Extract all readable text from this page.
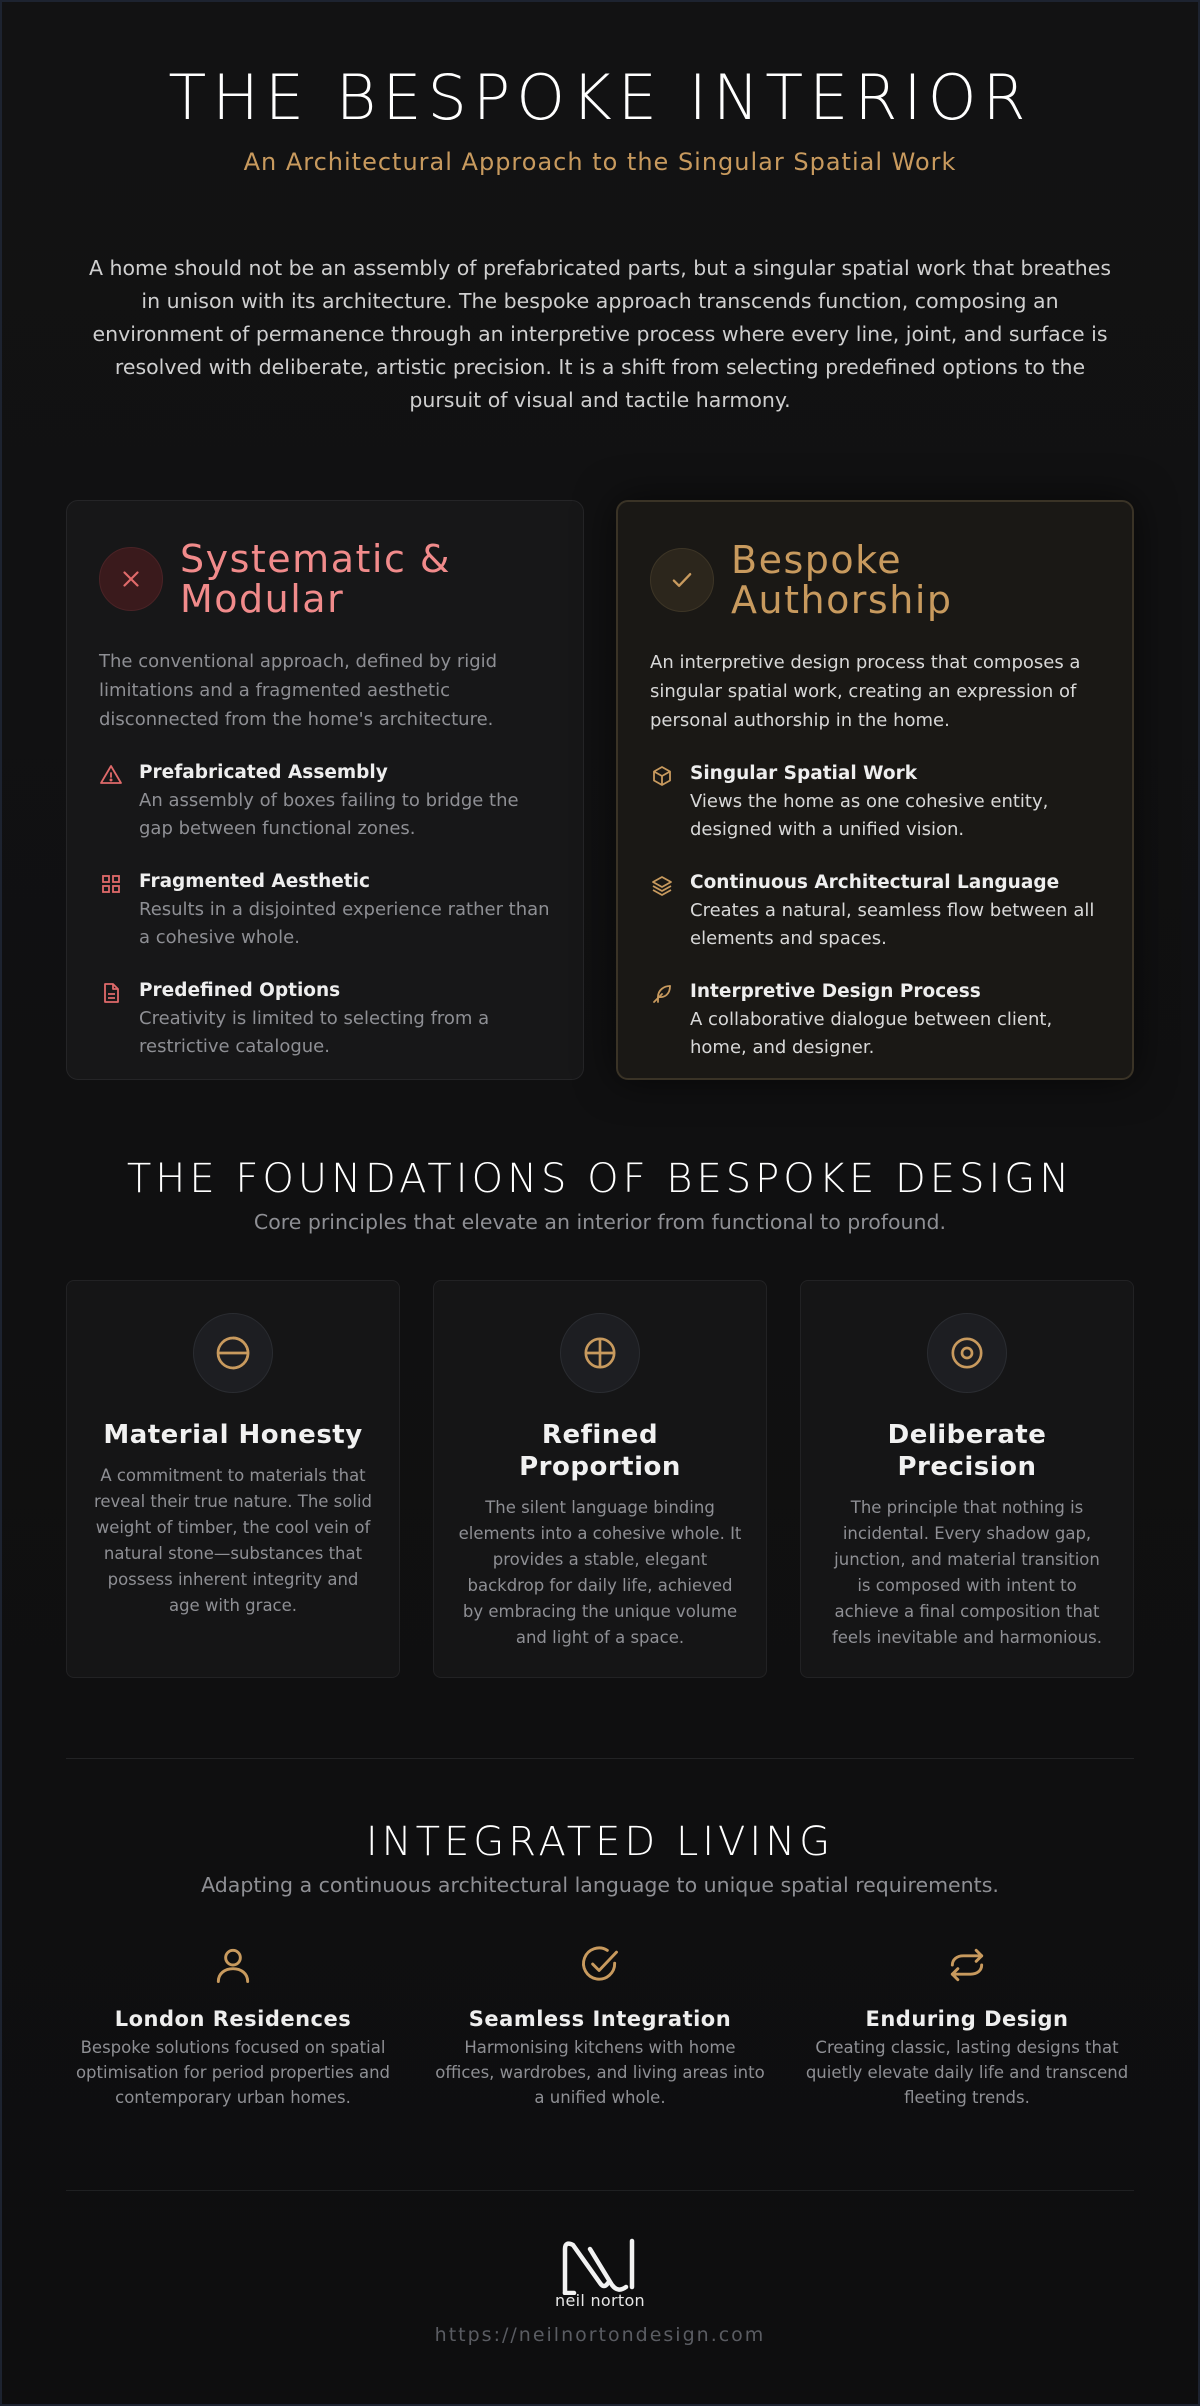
THE BESPOKE INTERIOR
An Architectural Approach to the Singular Spatial Work

A home should not be an assembly of prefabricated parts, but a singular spatial work that breathes in unison with its architecture. The bespoke approach transcends function, composing an environment of permanence through an interpretive process where every line, joint, and surface is resolved with deliberate, artistic precision. It is a shift from selecting predefined options to the pursuit of visual and tactile harmony.

Systematic & Modular

The conventional approach, defined by rigid limitations and a fragmented aesthetic disconnected from the home's architecture.

Prefabricated Assembly
An assembly of boxes failing to bridge the gap between functional zones.
Fragmented Aesthetic
Results in a disjointed experience rather than a cohesive whole.
Predefined Options
Creativity is limited to selecting from a restrictive catalogue.
Bespoke Authorship

An interpretive design process that composes a singular spatial work, creating an expression of personal authorship in the home.

Singular Spatial Work
Views the home as one cohesive entity, designed with a unified vision.
Continuous Architectural Language
Creates a natural, seamless flow between all elements and spaces.
Interpretive Design Process
A collaborative dialogue between client, home, and designer.
THE FOUNDATIONS OF BESPOKE DESIGN
Core principles that elevate an interior from functional to profound.
Material Honesty
A commitment to materials that reveal their true nature. The solid weight of timber, the cool vein of natural stone—substances that possess inherent integrity and age with grace.
Refined Proportion
The silent language binding elements into a cohesive whole. It provides a stable, elegant backdrop for daily life, achieved by embracing the unique volume and light of a space.
Deliberate Precision
The principle that nothing is incidental. Every shadow gap, junction, and material transition is composed with intent to achieve a final composition that feels inevitable and harmonious.
INTEGRATED LIVING
Adapting a continuous architectural language to unique spatial requirements.
London Residences
Bespoke solutions focused on spatial optimisation for period properties and contemporary urban homes.
Seamless Integration
Harmonising kitchens with home offices, wardrobes, and living areas into a unified whole.
Enduring Design
Creating classic, lasting designs that quietly elevate daily life and transcend fleeting trends.
neil norton
https://neilnortondesign.com
